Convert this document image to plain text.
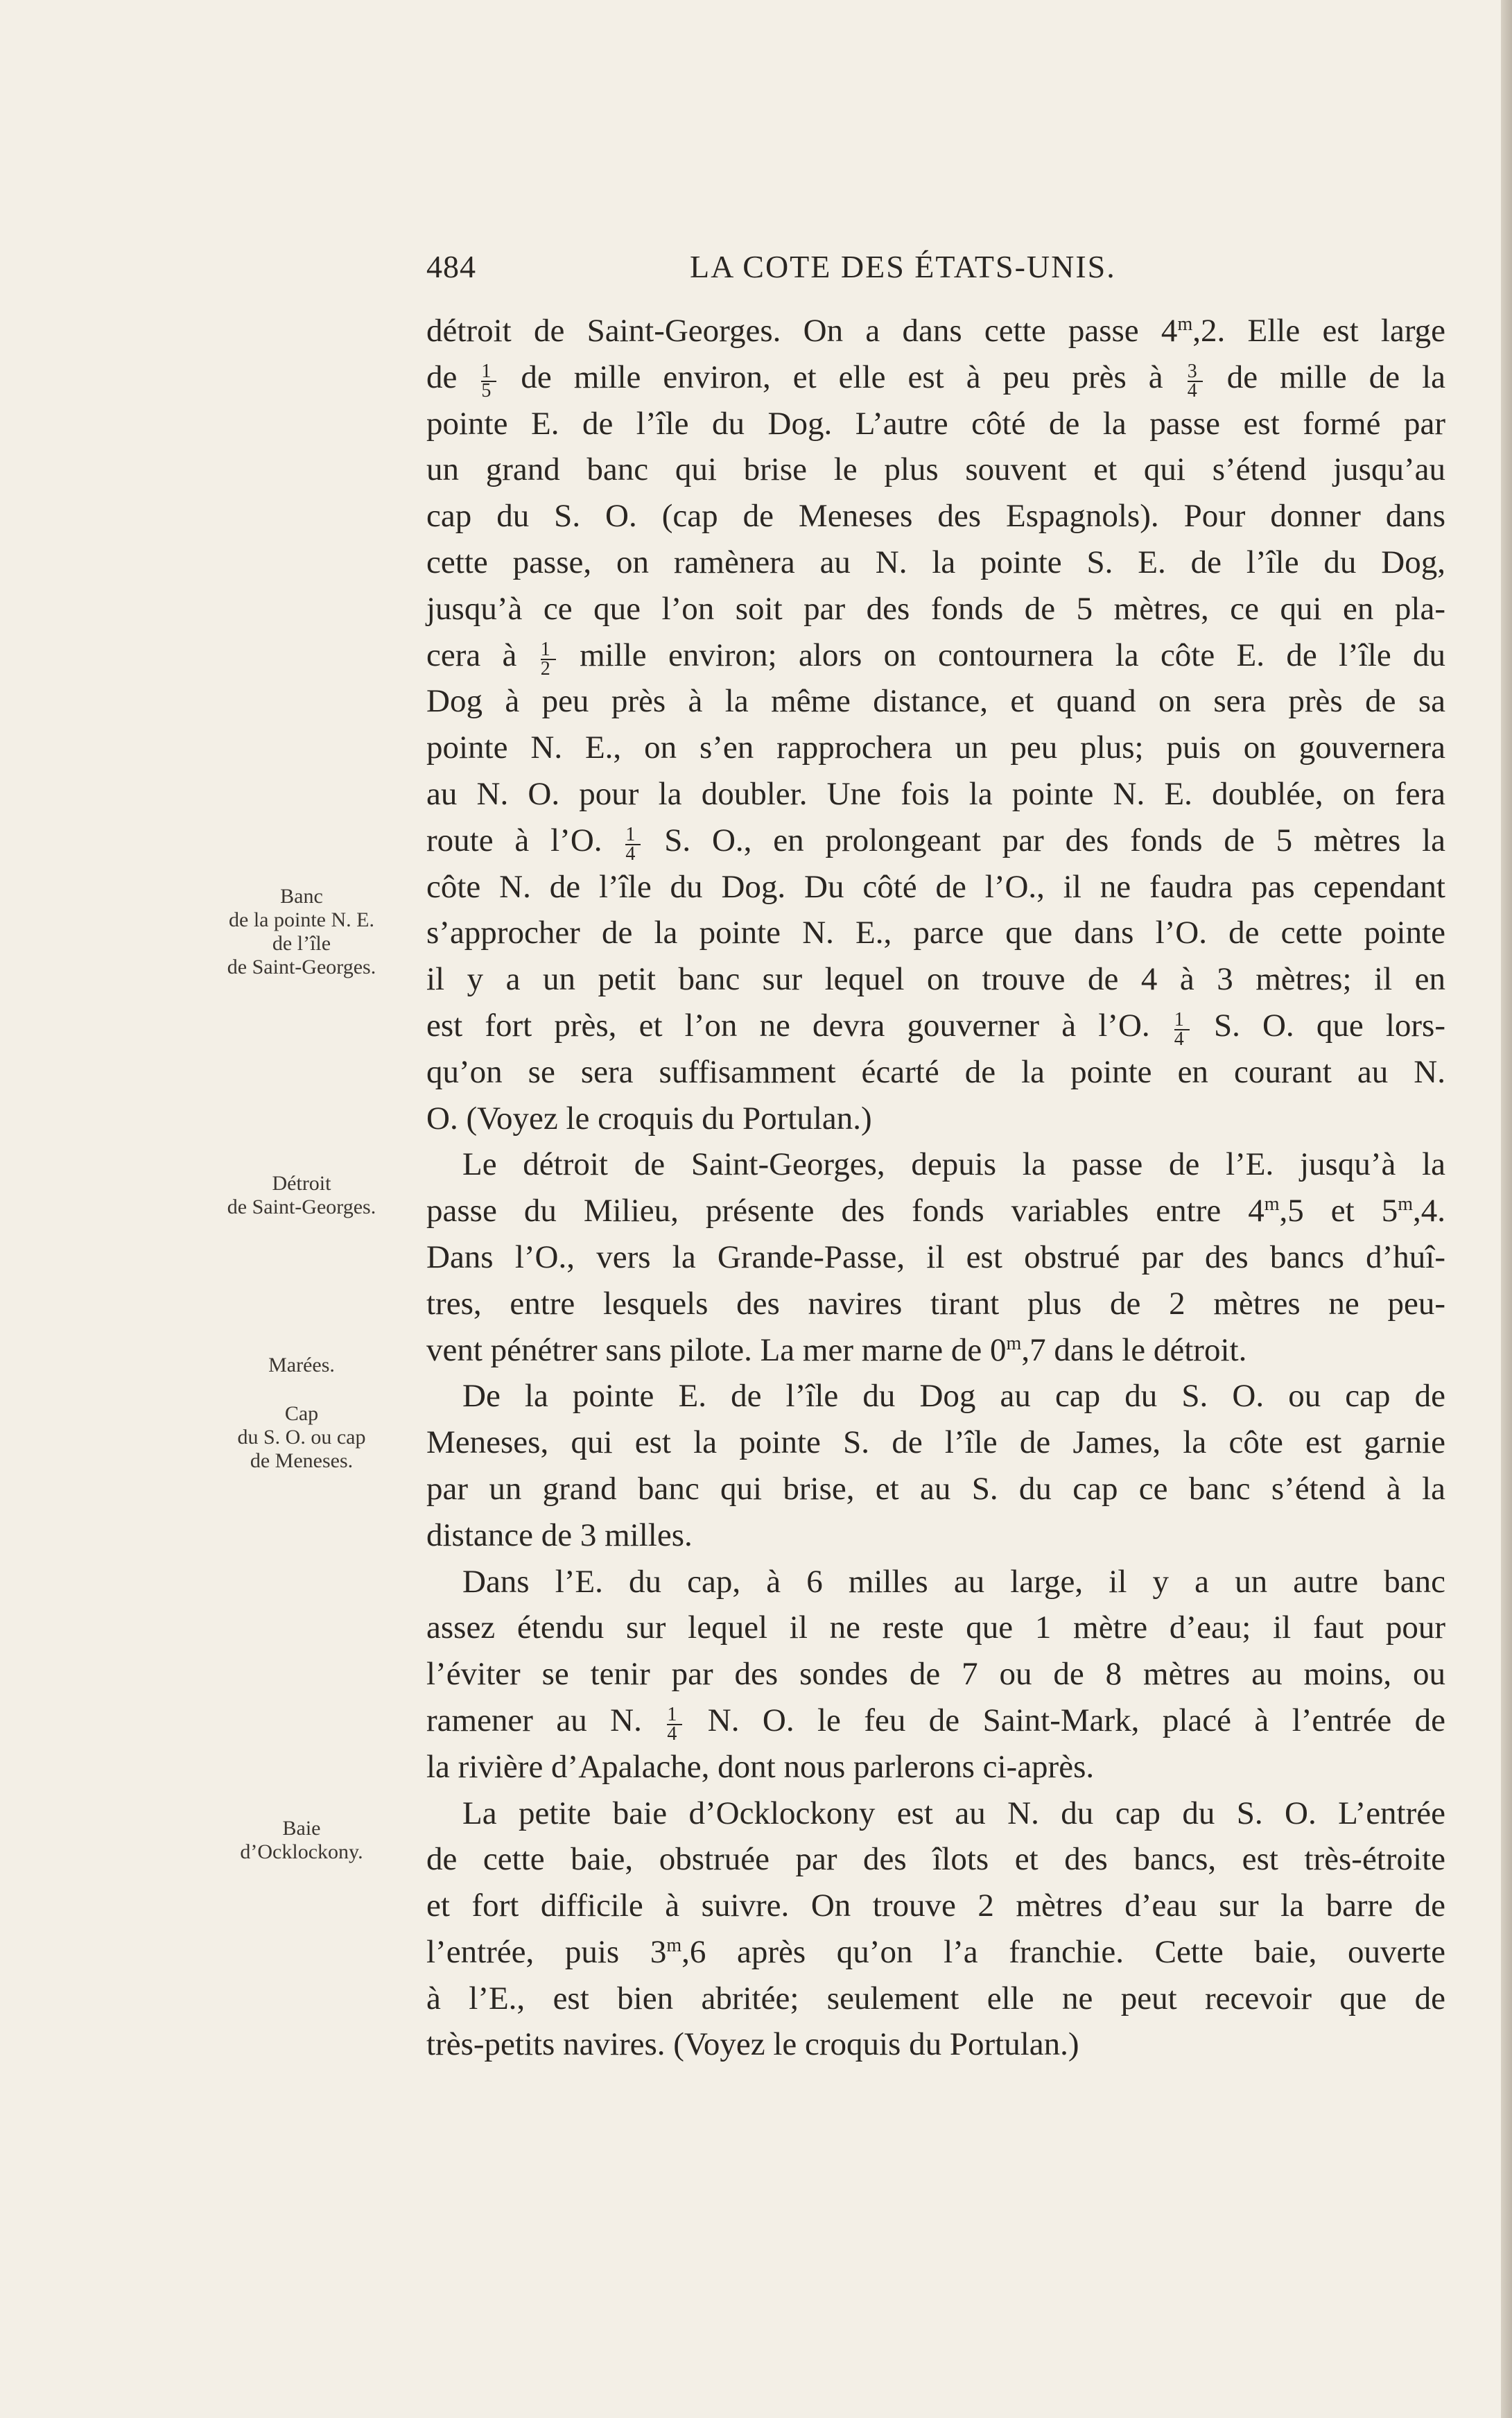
484	LA COTE DES ÉTATS-UNIS.
Banc
de la pointe N. E.
de l’île
de Saint-Georges.
Détroit
de Saint-Georges.
Marées.
Cap
du S. O. ou cap
de Meneses.
Baie
d’Ocklockony.
détroit de Saint-Georges. On a dans cette passe 4$^m$,2. Elle est large
de $\frac{1}{5}$ de mille environ, et elle est à peu près à $\frac{3}{4}$ de mille de la
pointe E. de l’île du Dog. L’autre côté de la passe est formé par
un grand banc qui brise le plus souvent et qui s’étend jusqu’au
cap du S. O. (cap de Meneses des Espagnols). Pour donner dans
cette passe, on ramènera au N. la pointe S. E. de l’île du Dog,
jusqu’à ce que l’on soit par des fonds de 5 mètres, ce qui en pla-
cera à $\frac{1}{2}$ mille environ; alors on contournera la côte E. de l’île du
Dog à peu près à la même distance, et quand on sera près de sa
pointe N. E., on s’en rapprochera un peu plus; puis on gouvernera
au N. O. pour la doubler. Une fois la pointe N. E. doublée, on fera
route à l’O. $\frac{1}{4} S$. O., en prolongeant par des fonds de 5 mètres la
côte N. de l’île du Dog. Du côté de l’O., il ne faudra pas cependant
s’approcher de la pointe N. E., parce que dans l’O. de cette pointe
il y a un petit banc sur lequel on trouve de 4 à 3 mètres; il en
est fort près, et l’on ne devra gouverner à l’O. $\frac{1}{4} S$. O. que lors-
qu’on se sera suffisamment écarté de la pointe en courant au N.
O. (Voyez le croquis du Portulan.)
Le détroit de Saint-Georges, depuis la passe de l’E. jusqu’à la
passe du Milieu, présente des fonds variables entre 4$^m$,5 et 5$^m$,4.
Dans l’O., vers la Grande-Passe, il est obstrué par des bancs d’huî-
tres, entre lesquels des navires tirant plus de 2 mètres ne peu-
vent pénétrer sans pilote. La mer marne de 0$^m$,7 dans le détroit.
De la pointe E. de l’île du Dog au cap du S. O. ou cap de
Meneses, qui est la pointe S. de l’île de James, la côte est garnie
par un grand banc qui brise, et au S. du cap ce banc s’étend à la
distance de 3 milles.
Dans l’E. du cap, à 6 milles au large, il y a un autre banc
assez étendu sur lequel il ne reste que 1 mètre d’eau; il faut pour
l’éviter se tenir par des sondes de 7 ou de 8 mètres au moins, ou
ramener au N. $\frac{1}{4} N$. O. le feu de Saint-Mark, placé à l’entrée de
la rivière d’Apalache, dont nous parlerons ci-après.
La petite baie d’Ocklockony est au N. du cap du S. O. L’entrée
de cette baie, obstruée par des îlots et des bancs, est très-étroite
et fort difficile à suivre. On trouve 2 mètres d’eau sur la barre de
l’entrée, puis 3$^m$,6 après qu’on l’a franchie. Cette baie, ouverte
à l’E., est bien abritée; seulement elle ne peut recevoir que de
très-petits navires. (Voyez le croquis du Portulan.)
